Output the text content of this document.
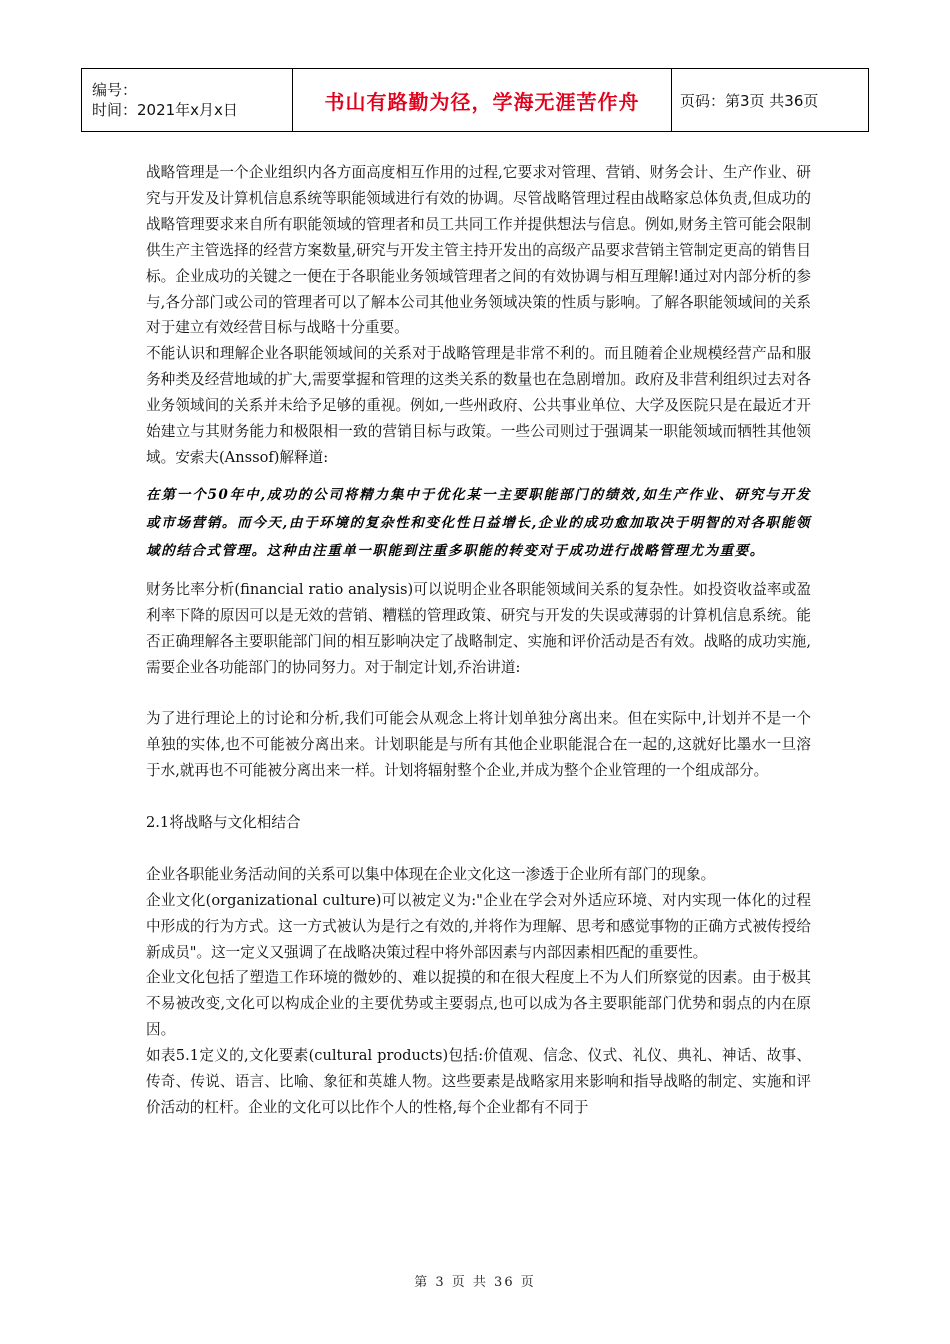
编号：
时间：2021年x月x日	书山有路勤为径，学海无涯苦作舟	页码：第3页 共36页

战略管理是一个企业组织内各方面高度相互作用的过程,它要求对管理、营销、财务会计、生产作业、研究与开发及计算机信息系统等职能领域进行有效的协调。尽管战略管理过程由战略家总体负责,但成功的战略管理要求来自所有职能领域的管理者和员工共同工作并提供想法与信息。例如,财务主管可能会限制供生产主管选择的经营方案数量,研究与开发主管主持开发出的高级产品要求营销主管制定更高的销售目标。企业成功的关键之一便在于各职能业务领域管理者之间的有效协调与相互理解!通过对内部分析的参与,各分部门或公司的管理者可以了解本公司其他业务领域决策的性质与影响。了解各职能领域间的关系对于建立有效经营目标与战略十分重要。

不能认识和理解企业各职能领域间的关系对于战略管理是非常不利的。而且随着企业规模经营产品和服务种类及经营地域的扩大,需要掌握和管理的这类关系的数量也在急剧增加。政府及非营利组织过去对各业务领域间的关系并未给予足够的重视。例如,一些州政府、公共事业单位、大学及医院只是在最近才开始建立与其财务能力和极限相一致的营销目标与政策。一些公司则过于强调某一职能领域而牺牲其他领域。安索夫(Anssof)解释道:

在第一个50年中,成功的公司将精力集中于优化某一主要职能部门的绩效,如生产作业、研究与开发或市场营销。而今天,由于环境的复杂性和变化性日益增长,企业的成功愈加取决于明智的对各职能领域的结合式管理。这种由注重单一职能到注重多职能的转变对于成功进行战略管理尤为重要。

财务比率分析(financial ratio analysis)可以说明企业各职能领域间关系的复杂性。如投资收益率或盈利率下降的原因可以是无效的营销、糟糕的管理政策、研究与开发的失误或薄弱的计算机信息系统。能否正确理解各主要职能部门间的相互影响决定了战略制定、实施和评价活动是否有效。战略的成功实施,需要企业各功能部门的协同努力。对于制定计划,乔治讲道:

为了进行理论上的讨论和分析,我们可能会从观念上将计划单独分离出来。但在实际中,计划并不是一个单独的实体,也不可能被分离出来。计划职能是与所有其他企业职能混合在一起的,这就好比墨水一旦溶于水,就再也不可能被分离出来一样。计划将辐射整个企业,并成为整个企业管理的一个组成部分。

2.1将战略与文化相结合

企业各职能业务活动间的关系可以集中体现在企业文化这一渗透于企业所有部门的现象。

企业文化(organizational culture)可以被定义为:"企业在学会对外适应环境、对内实现一体化的过程中形成的行为方式。这一方式被认为是行之有效的,并将作为理解、思考和感觉事物的正确方式被传授给新成员"。这一定义又强调了在战略决策过程中将外部因素与内部因素相匹配的重要性。

企业文化包括了塑造工作环境的微妙的、难以捉摸的和在很大程度上不为人们所察觉的因素。由于极其不易被改变,文化可以构成企业的主要优势或主要弱点,也可以成为各主要职能部门优势和弱点的内在原因。

如表5.1定义的,文化要素(cultural products)包括:价值观、信念、仪式、礼仪、典礼、神话、故事、传奇、传说、语言、比喻、象征和英雄人物。这些要素是战略家用来影响和指导战略的制定、实施和评价活动的杠杆。企业的文化可以比作个人的性格,每个企业都有不同于

第 3 页 共 36 页
